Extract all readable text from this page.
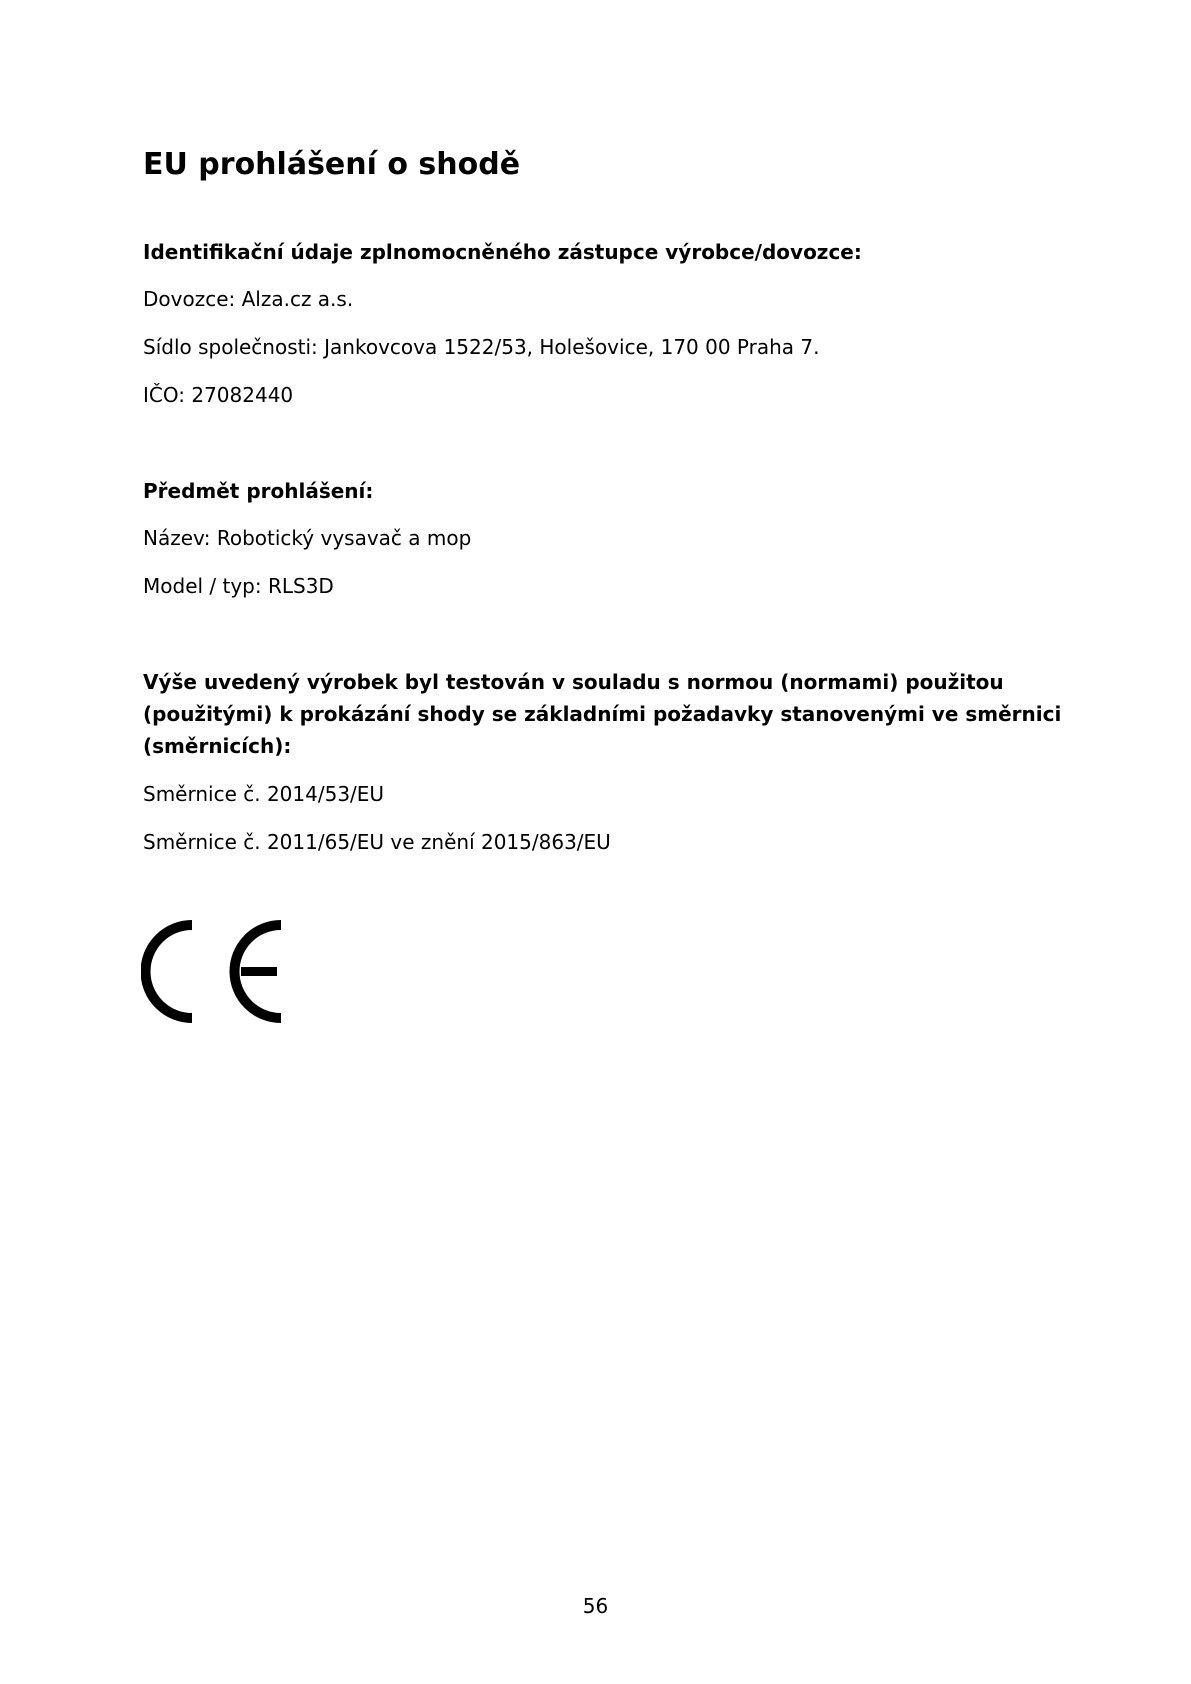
EU prohlášení o shodě
Identifikační údaje zplnomocněného zástupce výrobce/dovozce:
Dovozce: Alza.cz a.s.
Sídlo společnosti: Jankovcova 1522/53, Holešovice, 170 00 Praha 7.
IČO: 27082440
Předmět prohlášení:
Název: Robotický vysavač a mop
Model / typ: RLS3D
Výše uvedený výrobek byl testován v souladu s normou (normami) použitou
(použitými) k prokázání shody se základními požadavky stanovenými ve směrnici
(směrnicích):
Směrnice č. 2014/53/EU
Směrnice č. 2011/65/EU ve znění 2015/863/EU
56
